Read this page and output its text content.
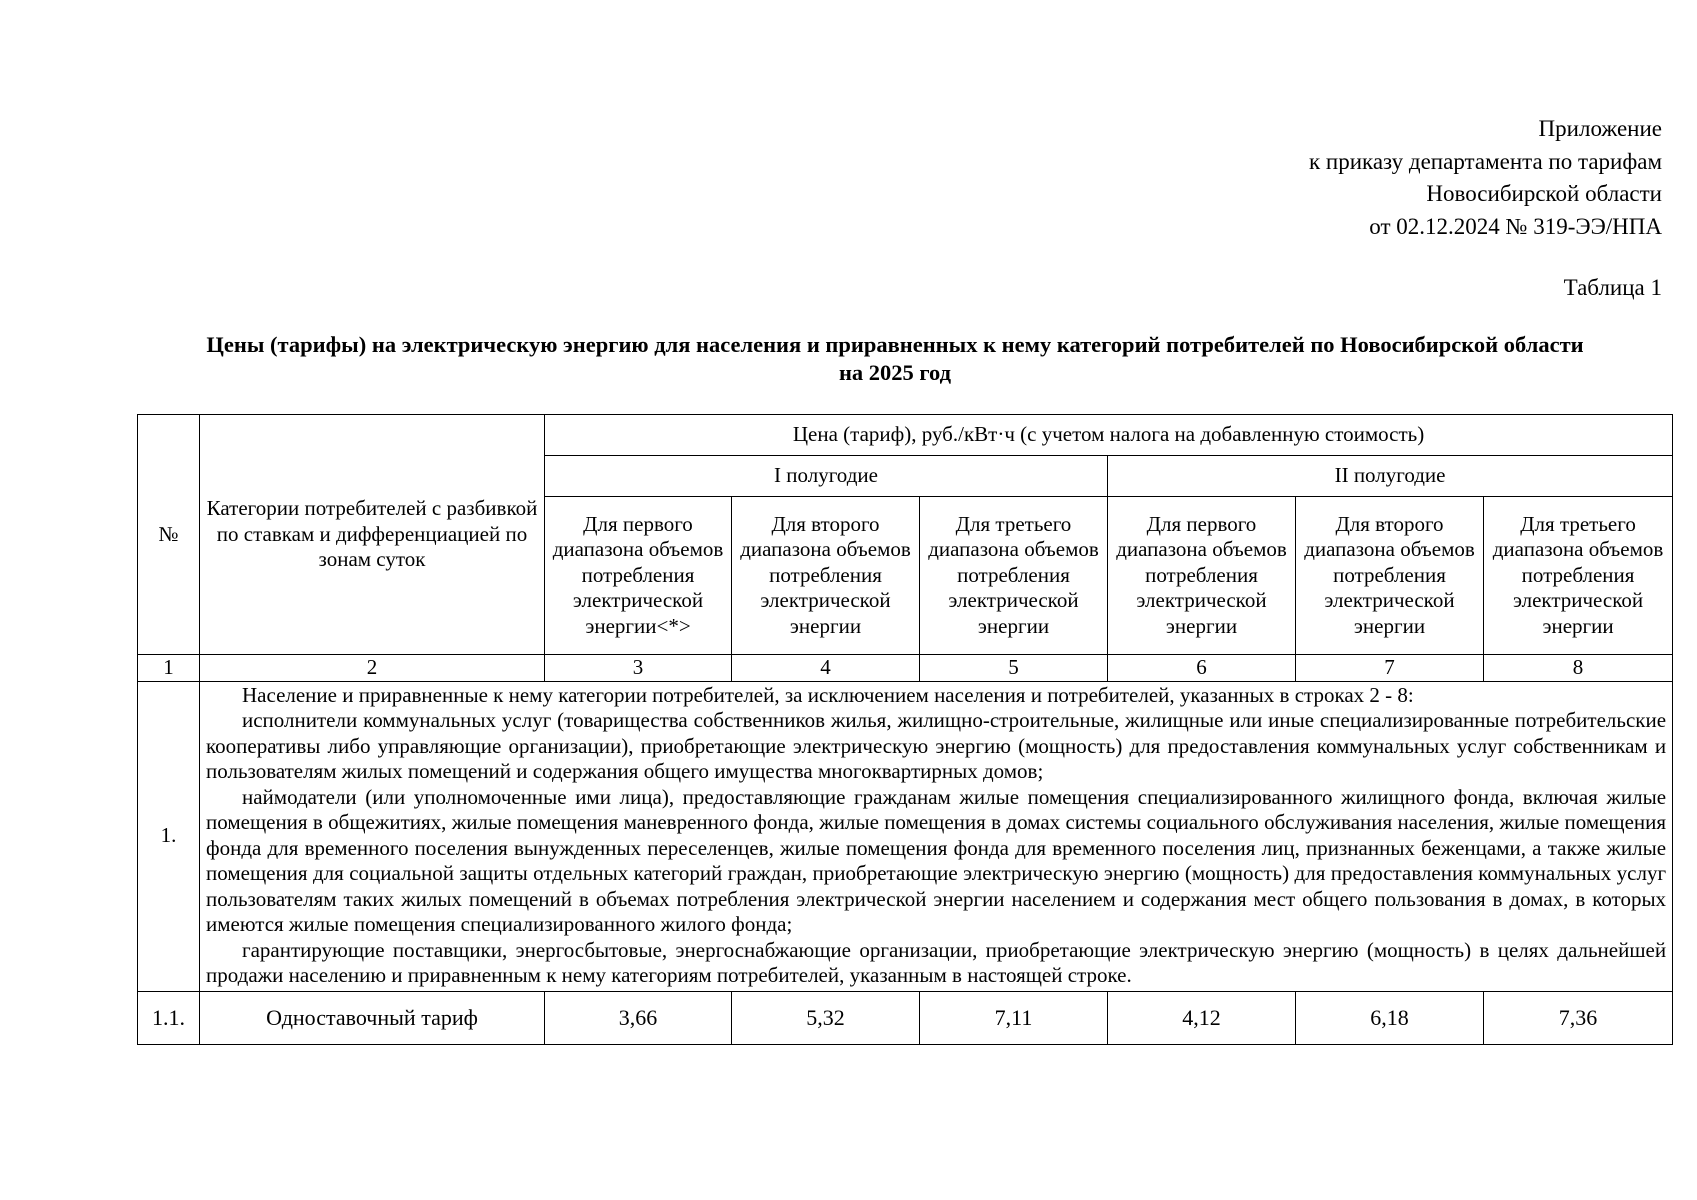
Приложение
к приказу департамента по тарифам
Новосибирской области
от 02.12.2024 № 319-ЭЭ/НПА
Таблица 1
Цены (тарифы) на электрическую энергию для населения и приравненных к нему категорий потребителей по Новосибирской области
на 2025 год
№	Категории потребителей с разбивкой по ставкам и дифференциацией по зонам суток	Цена (тариф), руб./кВт·ч (с учетом налога на добавленную стоимость)					
		I полугодие			II полугодие		
		Для первого диапазона объемов потребления электрической энергии<*>	Для второго диапазона объемов потребления электрической энергии	Для третьего диапазона объемов потребления электрической энергии	Для первого диапазона объемов потребления электрической энергии	Для второго диапазона объемов потребления электрической энергии	Для третьего диапазона объемов потребления электрической энергии
1	2	3	4	5	6	7	8
1.	Население и приравненные к нему категории потребителей, за исключением населения и потребителей, указанных в строках 2 - 8:

исполнители коммунальных услуг (товарищества собственников жилья, жилищно-строительные, жилищные или иные специализированные потребительские кооперативы либо управляющие организации), приобретающие электрическую энергию (мощность) для предоставления коммунальных услуг собственникам и пользователям жилых помещений и содержания общего имущества многоквартирных домов;

наймодатели (или уполномоченные ими лица), предоставляющие гражданам жилые помещения специализированного жилищного фонда, включая жилые помещения в общежитиях, жилые помещения маневренного фонда, жилые помещения в домах системы социального обслуживания населения, жилые помещения фонда для временного поселения вынужденных переселенцев, жилые помещения фонда для временного поселения лиц, признанных беженцами, а также жилые помещения для социальной защиты отдельных категорий граждан, приобретающие электрическую энергию (мощность) для предоставления коммунальных услуг пользователям таких жилых помещений в объемах потребления электрической энергии населением и содержания мест общего пользования в домах, в которых имеются жилые помещения специализированного жилого фонда;

гарантирующие поставщики, энергосбытовые, энергоснабжающие организации, приобретающие электрическую энергию (мощность) в целях дальнейшей продажи населению и приравненным к нему категориям потребителей, указанным в настоящей строке.						

1.1.	Одноставочный тариф	3,66	5,32	7,11	4,12	6,18	7,36
